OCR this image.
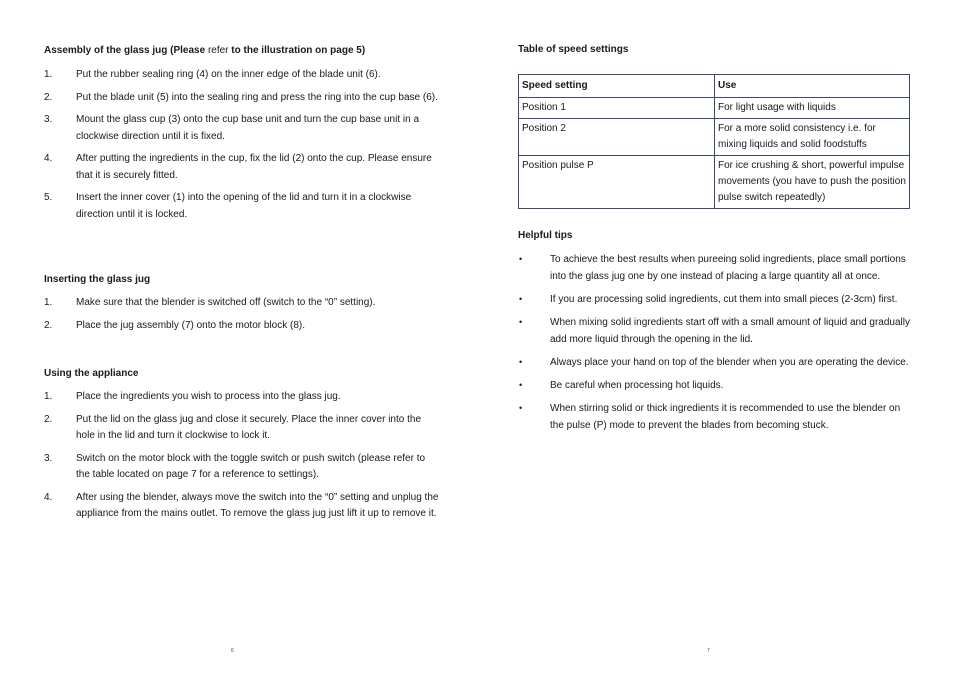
Assembly of the glass jug (Please refer to the illustration on page 5)
1. Put the rubber sealing ring (4) on the inner edge of the blade unit (6).
2. Put the blade unit (5) into the sealing ring and press the ring into the cup base (6).
3. Mount the glass cup (3) onto the cup base unit and turn the cup base unit in a clockwise direction until it is fixed.
4. After putting the ingredients in the cup, fix the lid (2) onto the cup. Please ensure that it is securely fitted.
5. Insert the inner cover (1) into the opening of the lid and turn it in a clockwise direction until it is locked.
Inserting the glass jug
1. Make sure that the blender is switched off (switch to the “0” setting).
2. Place the jug assembly (7) onto the motor block (8).
Using the appliance
1. Place the ingredients you wish to process into the glass jug.
2. Put the lid on the glass jug and close it securely. Place the inner cover into the hole in the lid and turn it clockwise to lock it.
3. Switch on the motor block with the toggle switch or push switch (please refer to the table located on page 7 for a reference to settings).
4. After using the blender, always move the switch into the “0” setting and unplug the appliance from the mains outlet. To remove the glass jug just lift it up to remove it.
6
Table of speed settings
Speed setting	Use
Position 1	For light usage with liquids
Position 2	For a more solid consistency i.e. for mixing liquids and solid foodstuffs
Position pulse P	For ice crushing & short, powerful impulse movements (you have to push the position pulse switch repeatedly)
Helpful tips
•	To achieve the best results when pureeing solid ingredients, place small portions into the glass jug one by one instead of placing a large quantity all at once.
•	If you are processing solid ingredients, cut them into small pieces (2-3cm) first.
•	When mixing solid ingredients start off with a small amount of liquid and gradually add more liquid through the opening in the lid.
•	Always place your hand on top of the blender when you are operating the device.
•	Be careful when processing hot liquids.
•	When stirring solid or thick ingredients it is recommended to use the blender on the pulse (P) mode to prevent the blades from becoming stuck.
7
